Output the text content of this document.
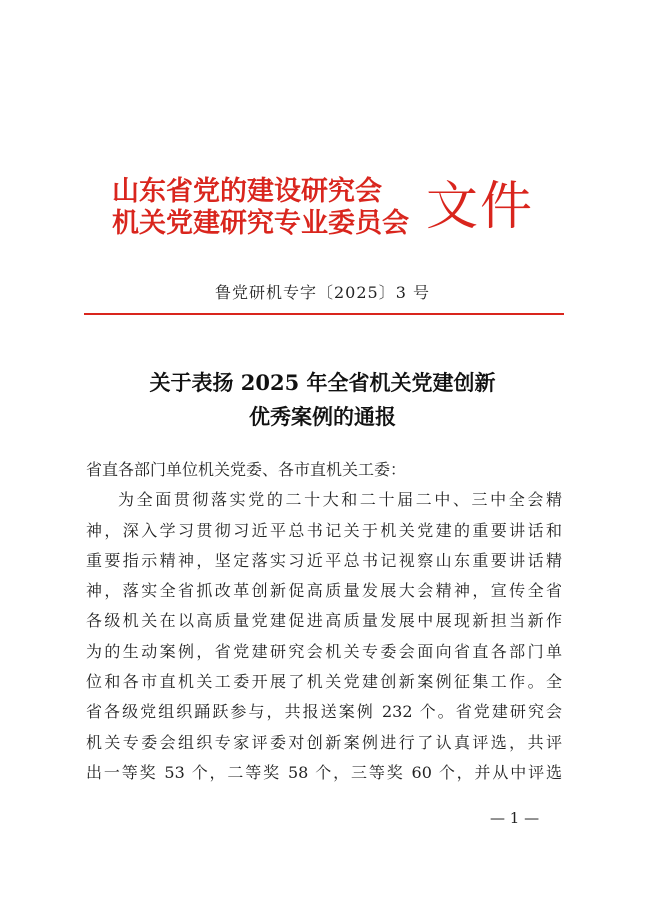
山东省党的建设研究会
机关党建研究专业委员会 文件
鲁党研机专字〔2025〕3 号
关于表扬 2025 年全省机关党建创新
优秀案例的通报
省直各部门单位机关党委、各市直机关工委：
为全面贯彻落实党的二十大和二十届二中、三中全会精
神，深入学习贯彻习近平总书记关于机关党建的重要讲话和
重要指示精神，坚定落实习近平总书记视察山东重要讲话精
神，落实全省抓改革创新促高质量发展大会精神，宣传全省
各级机关在以高质量党建促进高质量发展中展现新担当新作
为的生动案例，省党建研究会机关专委会面向省直各部门单
位和各市直机关工委开展了机关党建创新案例征集工作。全
省各级党组织踊跃参与，共报送案例 232 个。省党建研究会
机关专委会组织专家评委对创新案例进行了认真评选，共评
出一等奖 53 个，二等奖 58 个，三等奖 60 个，并从中评选
— 1 —
